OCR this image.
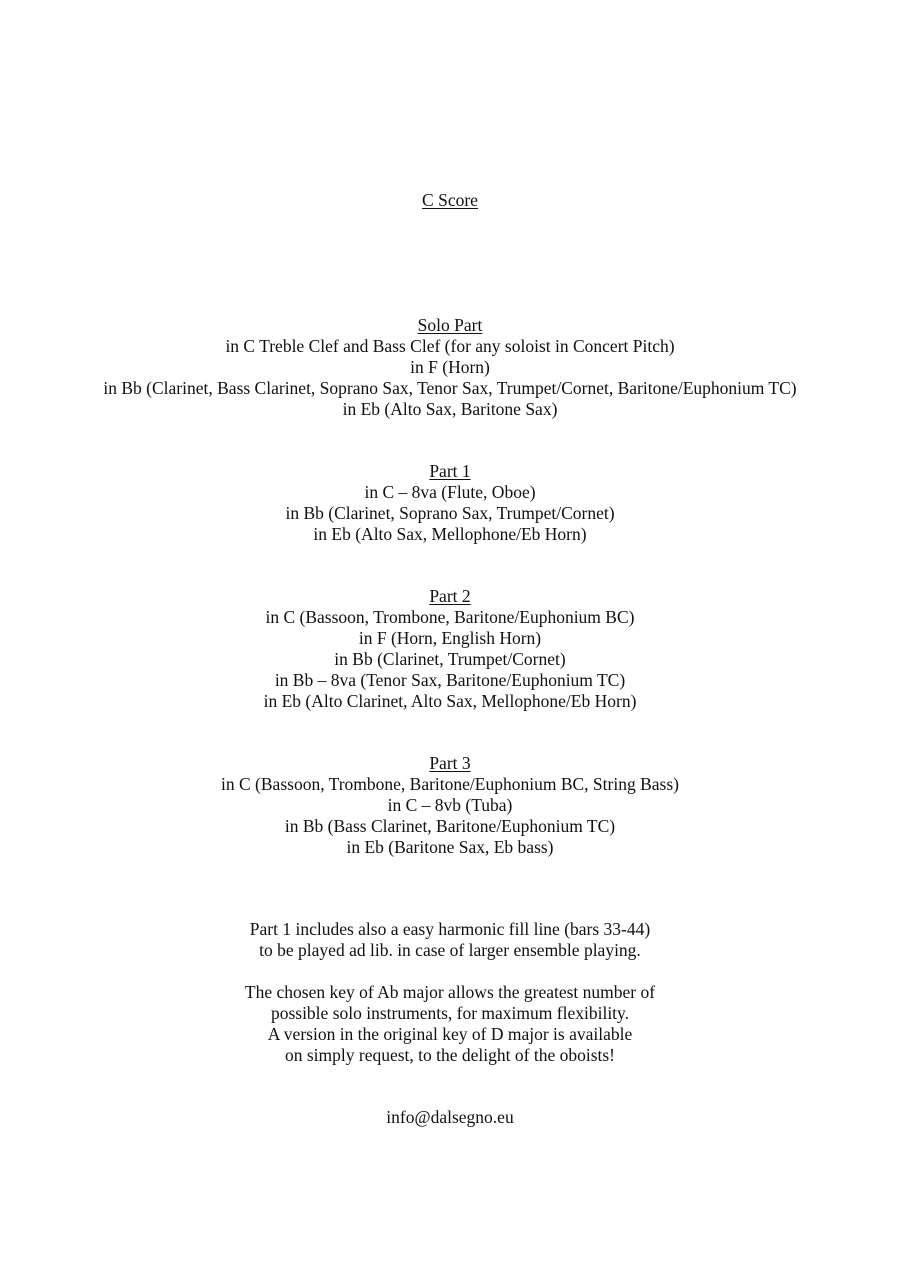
C Score
Solo Part
in C Treble Clef and Bass Clef (for any soloist in Concert Pitch)
in F (Horn)
in Bb (Clarinet, Bass Clarinet, Soprano Sax, Tenor Sax, Trumpet/Cornet, Baritone/Euphonium TC)
in Eb (Alto Sax, Baritone Sax)
Part 1
in C – 8va (Flute, Oboe)
in Bb (Clarinet, Soprano Sax, Trumpet/Cornet)
in Eb (Alto Sax, Mellophone/Eb Horn)
Part 2
in C (Bassoon, Trombone, Baritone/Euphonium BC)
in F (Horn, English Horn)
in Bb (Clarinet, Trumpet/Cornet)
in Bb – 8va (Tenor Sax, Baritone/Euphonium TC)
in Eb (Alto Clarinet, Alto Sax, Mellophone/Eb Horn)
Part 3
in C (Bassoon, Trombone, Baritone/Euphonium BC, String Bass)
in C – 8vb (Tuba)
in Bb (Bass Clarinet, Baritone/Euphonium TC)
in Eb (Baritone Sax, Eb bass)
Part 1 includes also a easy harmonic fill line (bars 33-44)
to be played ad lib. in case of larger ensemble playing.
The chosen key of Ab major allows the greatest number of
possible solo instruments, for maximum flexibility.
A version in the original key of D major is available
on simply request, to the delight of the oboists!
info@dalsegno.eu
